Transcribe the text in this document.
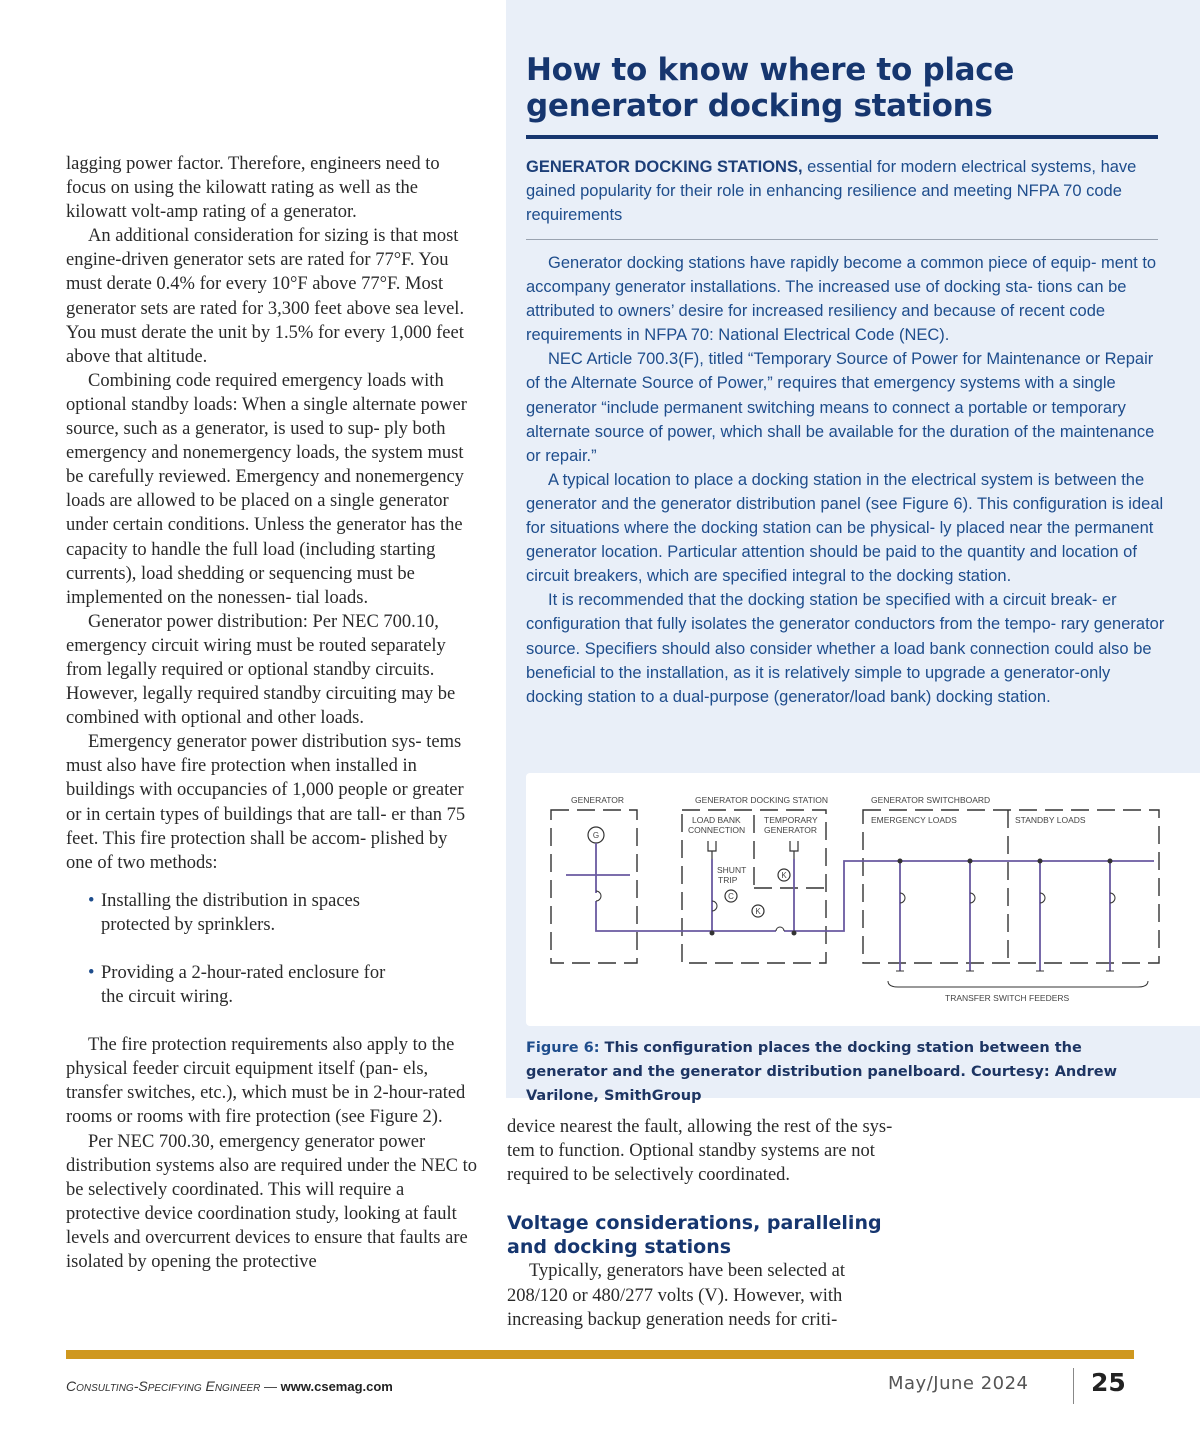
lagging power factor. Therefore, engineers need to focus on using the kilowatt rating as well as the kilowatt volt-amp rating of a generator.

An additional consideration for sizing is that most engine-driven generator sets are rated for 77°F. You must derate 0.4% for every 10°F above 77°F. Most generator sets are rated for 3,300 feet above sea level. You must derate the unit by 1.5% for every 1,000 feet above that altitude.

Combining code required emergency loads with optional standby loads: When a single alternate power source, such as a generator, is used to sup- ply both emergency and nonemergency loads, the system must be carefully reviewed. Emergency and nonemergency loads are allowed to be placed on a single generator under certain conditions. Unless the generator has the capacity to handle the full load (including starting currents), load shedding or sequencing must be implemented on the nonessen- tial loads.

Generator power distribution: Per NEC 700.10, emergency circuit wiring must be routed separately from legally required or optional standby circuits. However, legally required standby circuiting may be combined with optional and other loads.

Emergency generator power distribution sys- tems must also have fire protection when installed in buildings with occupancies of 1,000 people or greater or in certain types of buildings that are tall- er than 75 feet. This fire protection shall be accom- plished by one of two methods:

• Installing the distribution in spaces protected by sprinklers.
• Providing a 2-hour-rated enclosure for the circuit wiring.

The fire protection requirements also apply to the physical feeder circuit equipment itself (pan- els, transfer switches, etc.), which must be in 2-hour-rated rooms or rooms with fire protection (see Figure 2).

Per NEC 700.30, emergency generator power distribution systems also are required under the NEC to be selectively coordinated. This will require a protective device coordination study, looking at fault levels and overcurrent devices to ensure that faults are isolated by opening the protective

How to know where to place generator docking stations

GENERATOR DOCKING STATIONS, essential for modern electrical systems, have gained popularity for their role in enhancing resilience and meeting NFPA 70 code requirements

Generator docking stations have rapidly become a common piece of equip- ment to accompany generator installations. The increased use of docking sta- tions can be attributed to owners’ desire for increased resiliency and because of recent code requirements in NFPA 70: National Electrical Code (NEC).

NEC Article 700.3(F), titled “Temporary Source of Power for Maintenance or Repair of the Alternate Source of Power,” requires that emergency systems with a single generator “include permanent switching means to connect a portable or temporary alternate source of power, which shall be available for the duration of the maintenance or repair.”

A typical location to place a docking station in the electrical system is between the generator and the generator distribution panel (see Figure 6). This configuration is ideal for situations where the docking station can be physical- ly placed near the permanent generator location. Particular attention should be paid to the quantity and location of circuit breakers, which are specified integral to the docking station.

It is recommended that the docking station be specified with a circuit break- er configuration that fully isolates the generator conductors from the tempo- rary generator source. Specifiers should also consider whether a load bank connection could also be beneficial to the installation, as it is relatively simple to upgrade a generator-only docking station to a dual-purpose (generator/load bank) docking station.

GENERATOR	GENERATOR DOCKING STATION	GENERATOR SWITCHBOARD
LOAD BANK
CONNECTION
TEMPORARY
GENERATOR
SHUNT
TRIP
EMERGENCY LOADS	STANDBY LOADS
TRANSFER SWITCH FEEDERS
G
C
K
K

Figure 6: This configuration places the docking station between the generator and the generator distribution panelboard. Courtesy: Andrew Varilone, SmithGroup

device nearest the fault, allowing the rest of the sys- tem to function. Optional standby systems are not required to be selectively coordinated.

Voltage considerations, paralleling and docking stations

Typically, generators have been selected at 208/120 or 480/277 volts (V). However, with increasing backup generation needs for criti-

Consulting-Specifying Engineer — www.csemag.com	May/June 2024 25
